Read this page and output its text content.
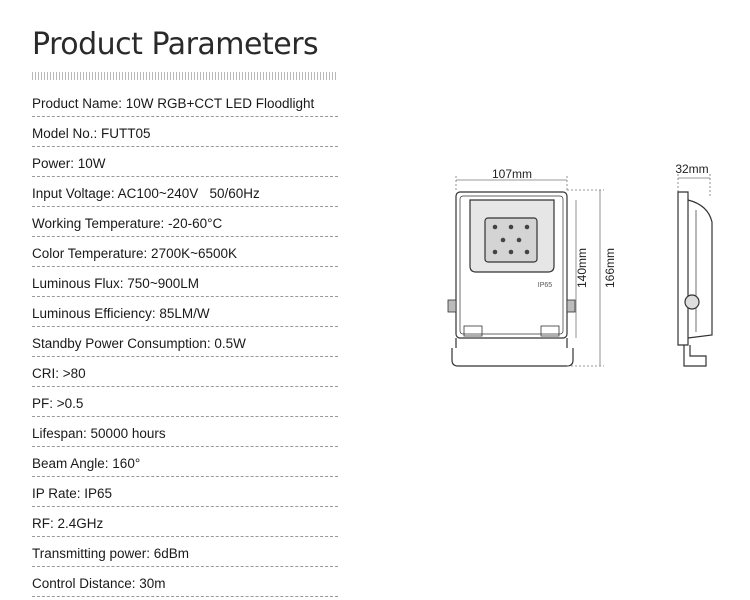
Product Parameters
Product Name: 10W RGB+CCT LED Floodlight
Model No.: FUTT05
Power: 10W
Input Voltage: AC100~240V   50/60Hz
Working Temperature: -20-60°C
Color Temperature: 2700K~6500K
Luminous Flux: 750~900LM
Luminous Efficiency: 85LM/W
Standby Power Consumption: 0.5W
CRI: >80
PF: >0.5
Lifespan: 50000 hours
Beam Angle: 160°
IP Rate: IP65
RF: 2.4GHz
Transmitting power: 6dBm
Control Distance: 30m
107mm
IP65 140mm 166mm
32mm
